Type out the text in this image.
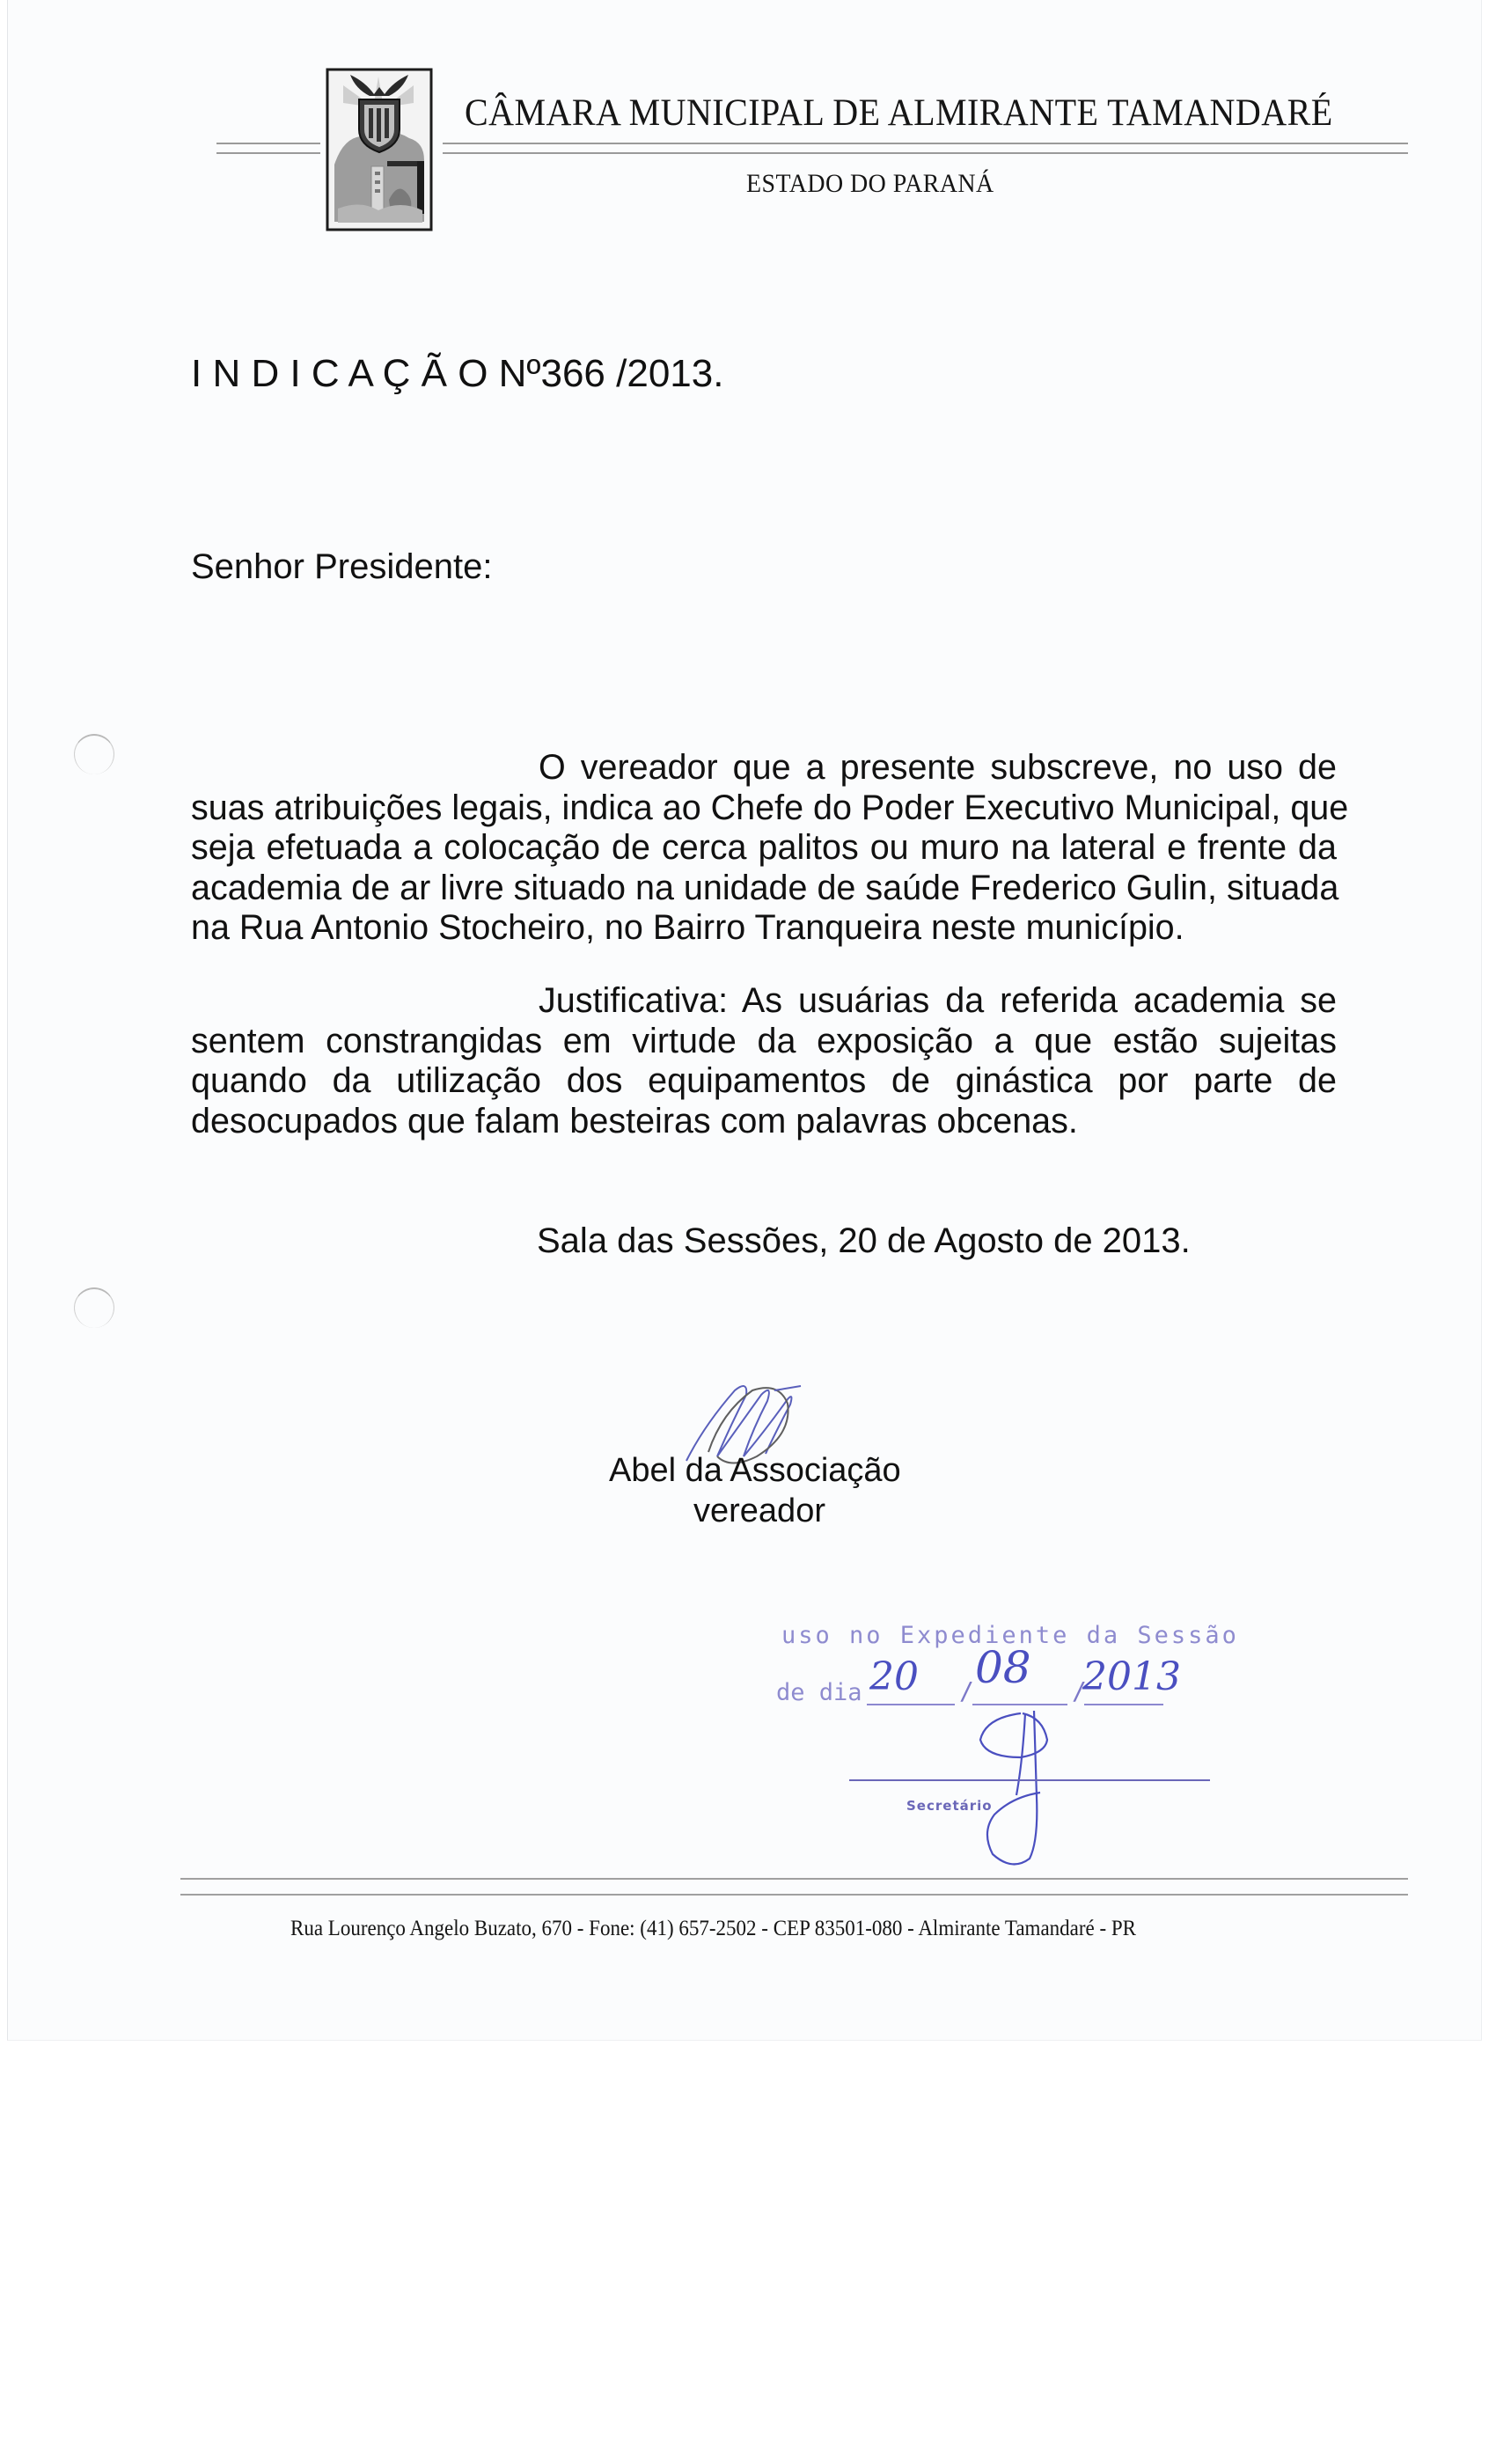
CÂMARA MUNICIPAL DE ALMIRANTE TAMANDARÉ
ESTADO DO PARANÁ
I N D I C A Ç Ã O Nº366 /2013.
Senhor Presidente:
O vereador que a presente subscreve, no uso de
suas atribuições legais, indica ao Chefe do Poder Executivo Municipal, que
seja efetuada a colocação de cerca palitos ou muro na lateral e frente da
academia de ar livre situado na unidade de saúde Frederico Gulin, situada
na Rua Antonio Stocheiro, no Bairro Tranqueira neste município.
Justificativa: As usuárias da referida academia se
sentem constrangidas em virtude da exposição a que estão sujeitas
quando da utilização dos equipamentos de ginástica por parte de
desocupados que falam besteiras com palavras obcenas.
Sala das Sessões, 20 de Agosto de 2013.
Abel da Associação
vereador
uso no Expediente da Sessão
de dia	/	/
20 08 2013
Secretário
Rua Lourenço Angelo Buzato, 670 - Fone: (41) 657-2502 - CEP 83501-080 - Almirante Tamandaré - PR
